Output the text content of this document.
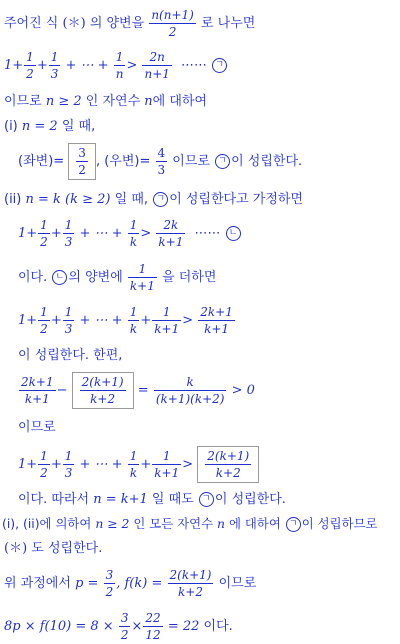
주어진 식 (＊) 의 양변을 $\frac{n(n+1)}{2}$ 로 나누면
$1+ \frac{1}{2} + \frac{1}{3}$ + ⋯ + $\frac{1}{n} > \frac{2n}{n+1}$ ⋯⋯ ㄱ
이므로 n ≥ 2 인 자연수 n에 대하여
(i) n = 2 일 때,
(좌변)= $\frac{3}{2}$ , (우변)= $\frac{4}{3}$ 이므로 ㄱ 이 성립한다.
(ii) n = k (k ≥ 2) 일 때, ㄱ 이 성립한다고 가정하면
$1+ \frac{1}{2} + \frac{1}{3}$ + ⋯ + $\frac{1}{k} > \frac{2k}{k+1}$ ⋯⋯ ㄴ
이다. ㄴ 의 양변에 $\frac{1}{k+1}$ 을 더하면
$1+ \frac{1}{2} + \frac{1}{3}$ + ⋯ + $\frac{1}{k} + \frac{1}{k+1} > \frac{2k+1}{k+1}$
이 성립한다. 한편,
$\frac{2k+1}{k+1} - \frac{2(k+1)}{k+2} = \frac{k}{(k+1)(k+2)} > 0$
이므로
$1+ \frac{1}{2} + \frac{1}{3}$ + ⋯ + $\frac{1}{k} + \frac{1}{k+1} > \frac{2(k+1)}{k+2}$
이다. 따라서 n = k+1 일 때도 ㄱ 이 성립한다.
(i), (ii)에 의하여 n ≥ 2 인 모든 자연수 n 에 대하여 ㄱ 이 성립하므로
(＊) 도 성립한다.
위 과정에서 $p = \frac{3}{2}$ , $f(k) = \frac{2(k+1)}{k+2}$ 이므로
$8p \times f(10) = 8 \times \frac{3}{2} \times \frac{22}{12} = 22$ 이다.
